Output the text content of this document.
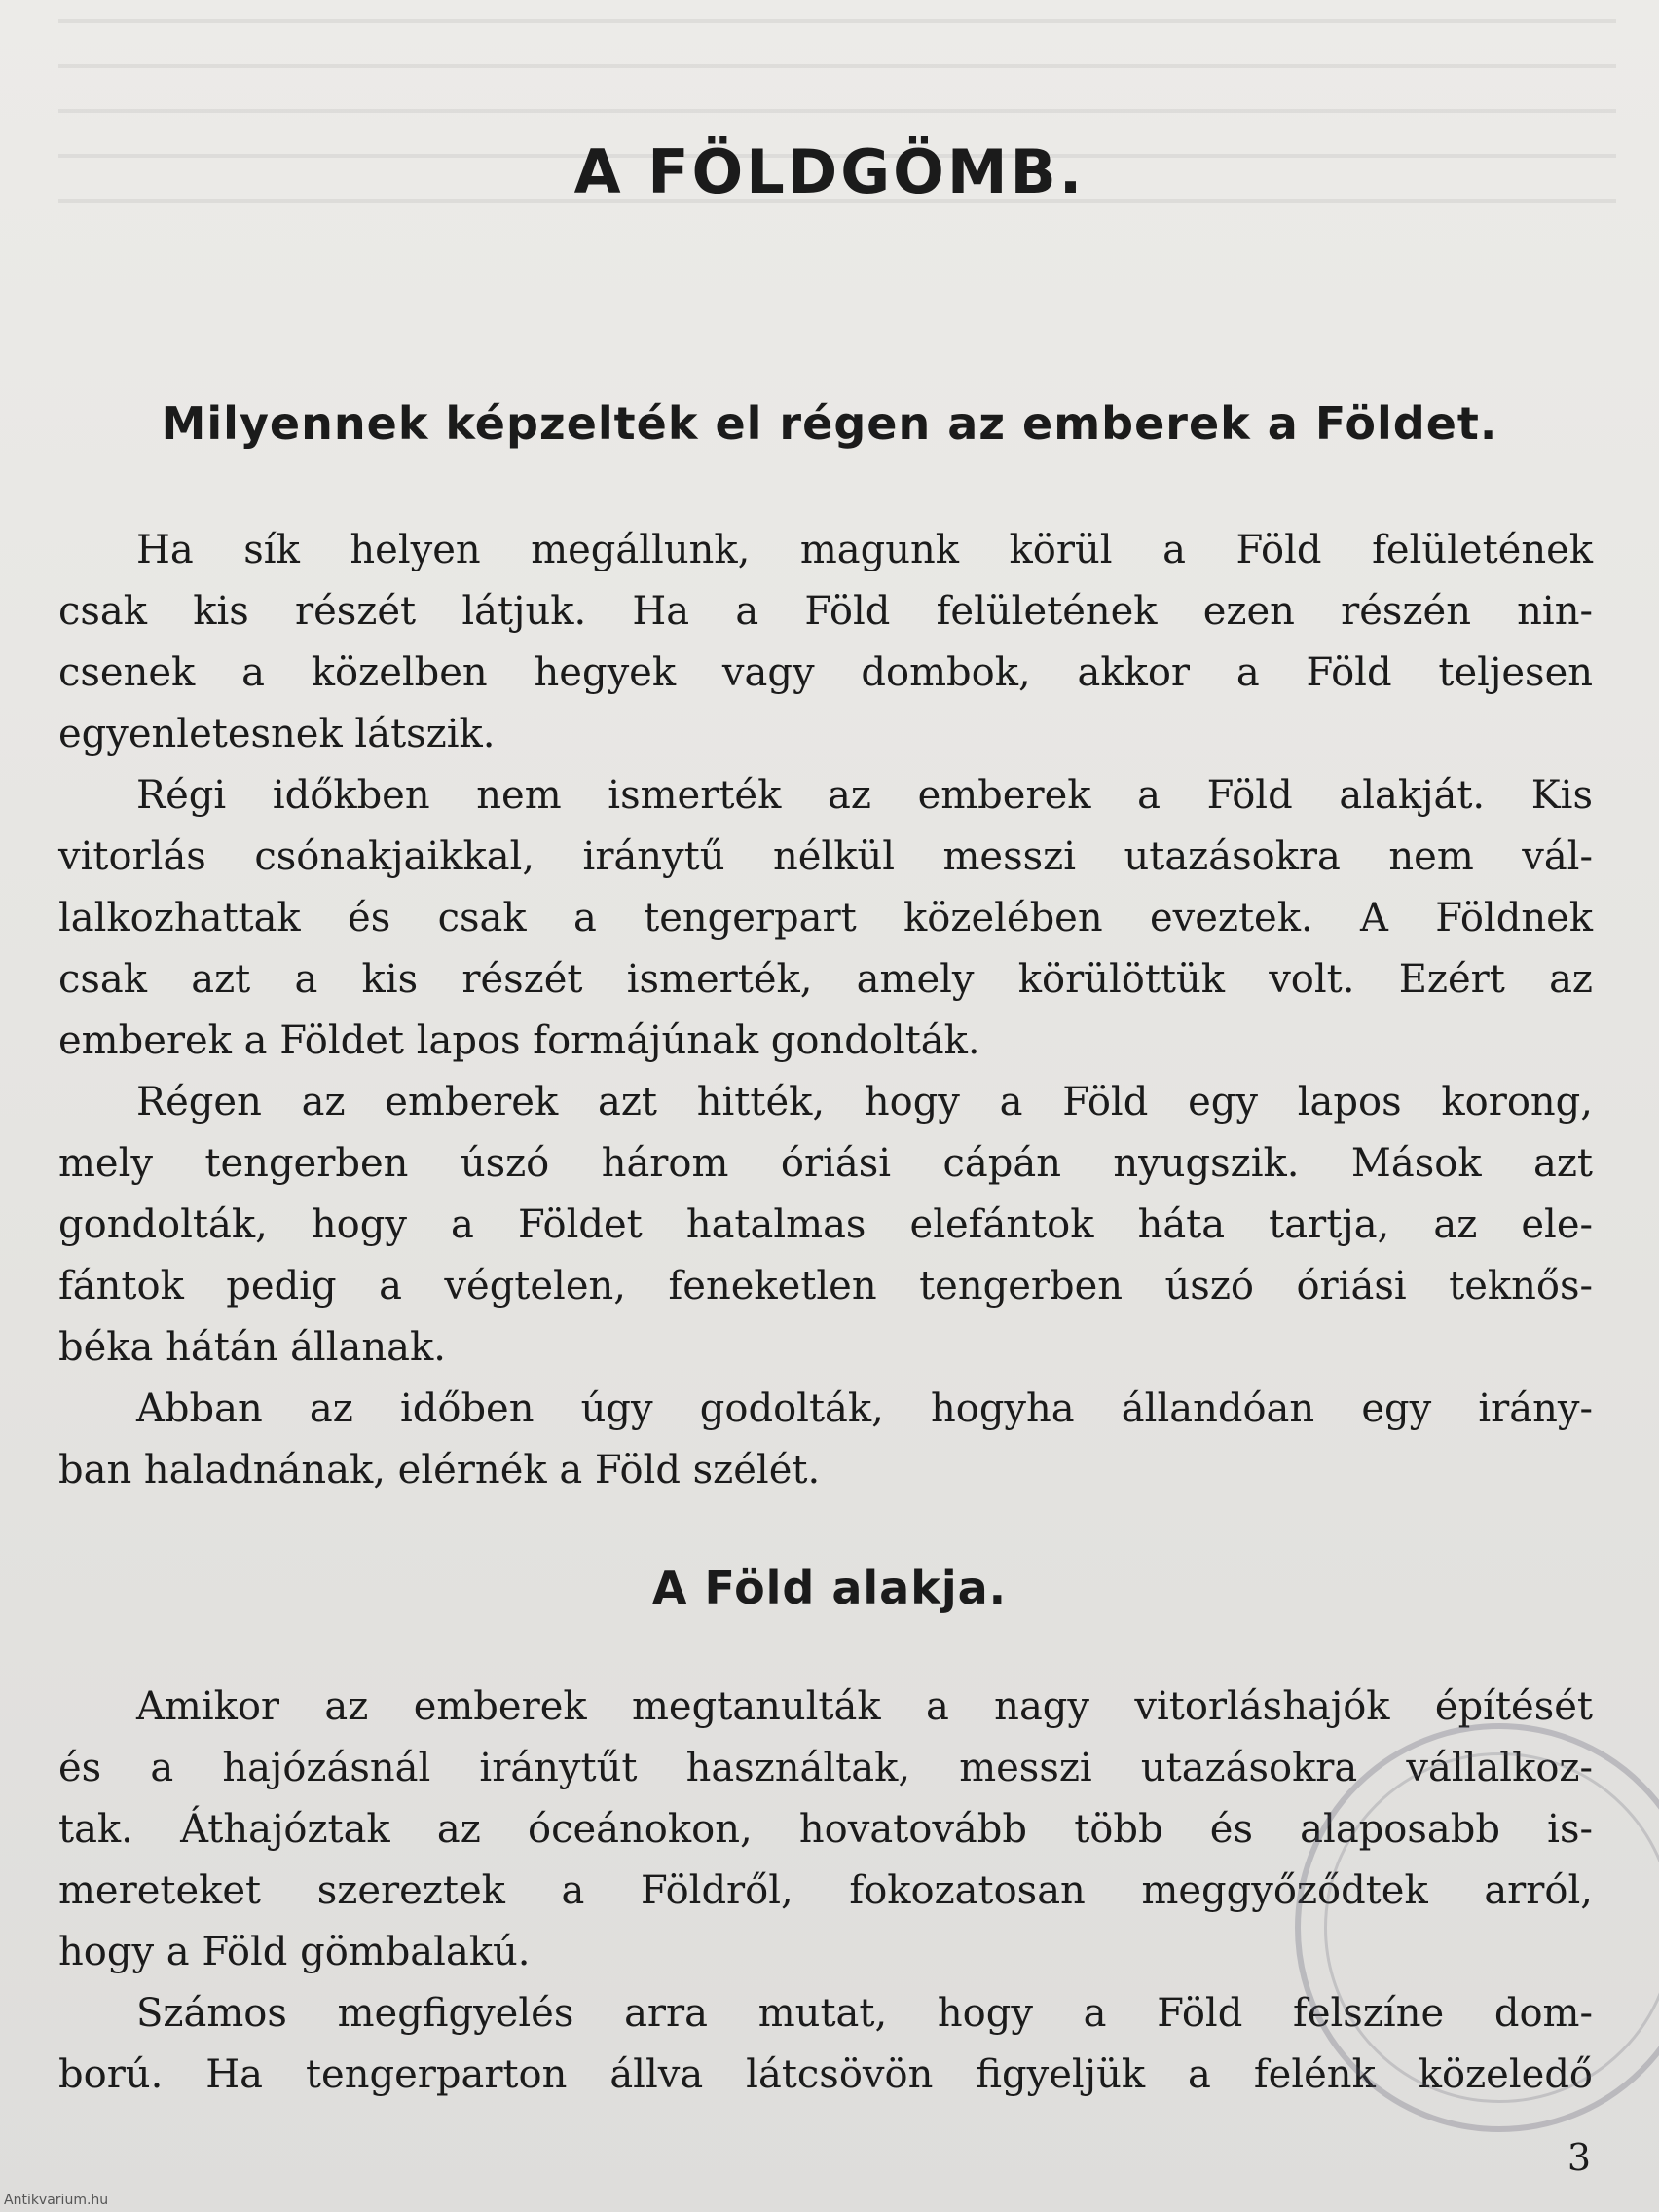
A FÖLDGÖMB.
Milyennek képzelték el régen az emberek a Földet.
Ha sík helyen megállunk, magunk körül a Föld felületének
csak kis részét látjuk. Ha a Föld felületének ezen részén nin-
csenek a közelben hegyek vagy dombok, akkor a Föld teljesen
egyenletesnek látszik.
Régi időkben nem ismerték az emberek a Föld alakját. Kis
vitorlás csónakjaikkal, iránytű nélkül messzi utazásokra nem vál-
lalkozhattak és csak a tengerpart közelében eveztek. A Földnek
csak azt a kis részét ismerték, amely körülöttük volt. Ezért az
emberek a Földet lapos formájúnak gondolták.
Régen az emberek azt hitték, hogy a Föld egy lapos korong,
mely tengerben úszó három óriási cápán nyugszik. Mások azt
gondolták, hogy a Földet hatalmas elefántok háta tartja, az ele-
fántok pedig a végtelen, feneketlen tengerben úszó óriási teknős-
béka hátán állanak.
Abban az időben úgy godolták, hogyha állandóan egy irány-
ban haladnának, elérnék a Föld szélét.
A Föld alakja.
Amikor az emberek megtanulták a nagy vitorláshajók építését
és a hajózásnál iránytűt használtak, messzi utazásokra vállalkoz-
tak. Áthajóztak az óceánokon, hovatovább több és alaposabb is-
mereteket szereztek a Földről, fokozatosan meggyőződtek arról,
hogy a Föld gömbalakú.
Számos megfigyelés arra mutat, hogy a Föld felszíne dom-
ború. Ha tengerparton állva látcsövön figyeljük a felénk közeledő
3
Antikvarium.hu
